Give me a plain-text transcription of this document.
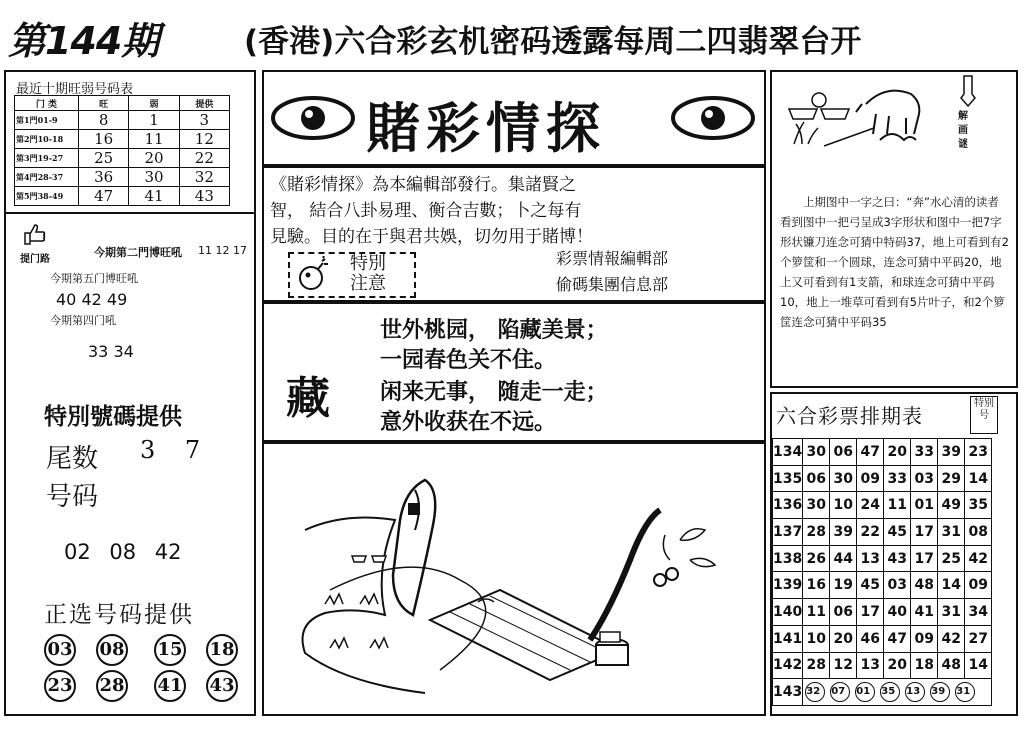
第144期	(香港)六合彩玄机密码透露每周二四翡翠台开
最近十期旺弱号码表
门 类	旺	弱	提供
第1門01-9	8	1	3
第2門10-18	16	11	12
第3門19-27	25	20	22
第4門28-37	36	30	32
第5門38-49	47	41	43
提门路
今期第二門博旺吼 11 12 17
今期第五门博旺吼
40 42 49
今期第四门吼
33 34
特別號碼提供
尾数 3 7
号码
02 08 42
正选号码提供
03 08 15 18
23 28 41 43
賭彩情探
《賭彩情探》為本編輯部發行。集諸賢之
智， 結合八卦易理、衡合吉數；卜之每有
見驗。目的在于與君共娛，切勿用于賭博！
特別
注意
彩票情報編輯部
偷碼集團信息部
藏
世外桃园， 陷藏美景；
一园春色关不住。
闲来无事， 随走一走；
意外收获在不远。
解画谜
上期图中一字之曰：“奔”水心清的读者看到图中一把弓呈成3字形状和图中一把7字形状镰刀连念可猜中特码37，地上可看到有2个箩筐和一个圆球，连念可猜中平码20，地上又可看到有1支箭，和球连念可猜中平码10，地上一堆草可看到有5片叶子，和2个箩筐连念可猜中平码35
六合彩票排期表
特别号
134	30	06	47	20	33	39	23
135	06	30	09	33	03	29	14
136	30	10	24	11	01	49	35
137	28	39	22	45	17	31	08
138	26	44	13	43	17	25	42
139	16	19	45	03	48	14	09
140	11	06	17	40	41	31	34
141	10	20	46	47	09	42	27
142	28	12	13	20	18	48	14
143	32 07 01 35 13 39 31						
